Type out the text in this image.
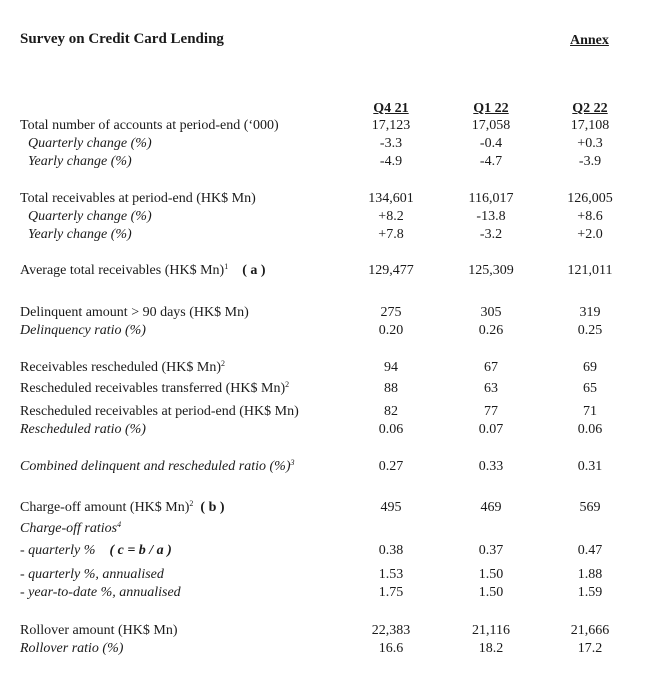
Survey on Credit Card Lending	Annex
Q4 21	Q1 22	Q2 22
Total number of accounts at period-end (‘000)	17,123	17,058	17,108
Quarterly change (%)	-3.3	-0.4	+0.3
Yearly change (%)	-4.9	-4.7	-3.9
Total receivables at period-end (HK$ Mn)	134,601	116,017	126,005
Quarterly change (%)	+8.2	-13.8	+8.6
Yearly change (%)	+7.8	-3.2	+2.0
Average total receivables (HK$ Mn)$^1$ ( a )	129,477	125,309	121,011
Delinquent amount > 90 days (HK$ Mn)	275	305	319
Delinquency ratio (%)	0.20	0.26	0.25
Receivables rescheduled (HK$ Mn)$^2$	94	67	69
Rescheduled receivables transferred (HK$ Mn)$^2$	88	63	65
Rescheduled receivables at period-end (HK$ Mn)	82	77	71
Rescheduled ratio (%)	0.06	0.07	0.06
Combined delinquent and rescheduled ratio (%)$^3$	0.27	0.33	0.31
Charge-off amount (HK$ Mn)$^2$ ( b )	495	469	569
Charge-off ratios$^4$
- quarterly % ( c = b / a )	0.38	0.37	0.47
- quarterly %, annualised	1.53	1.50	1.88
- year-to-date %, annualised	1.75	1.50	1.59
Rollover amount (HK$ Mn)	22,383	21,116	21,666
Rollover ratio (%)	16.6	18.2	17.2
